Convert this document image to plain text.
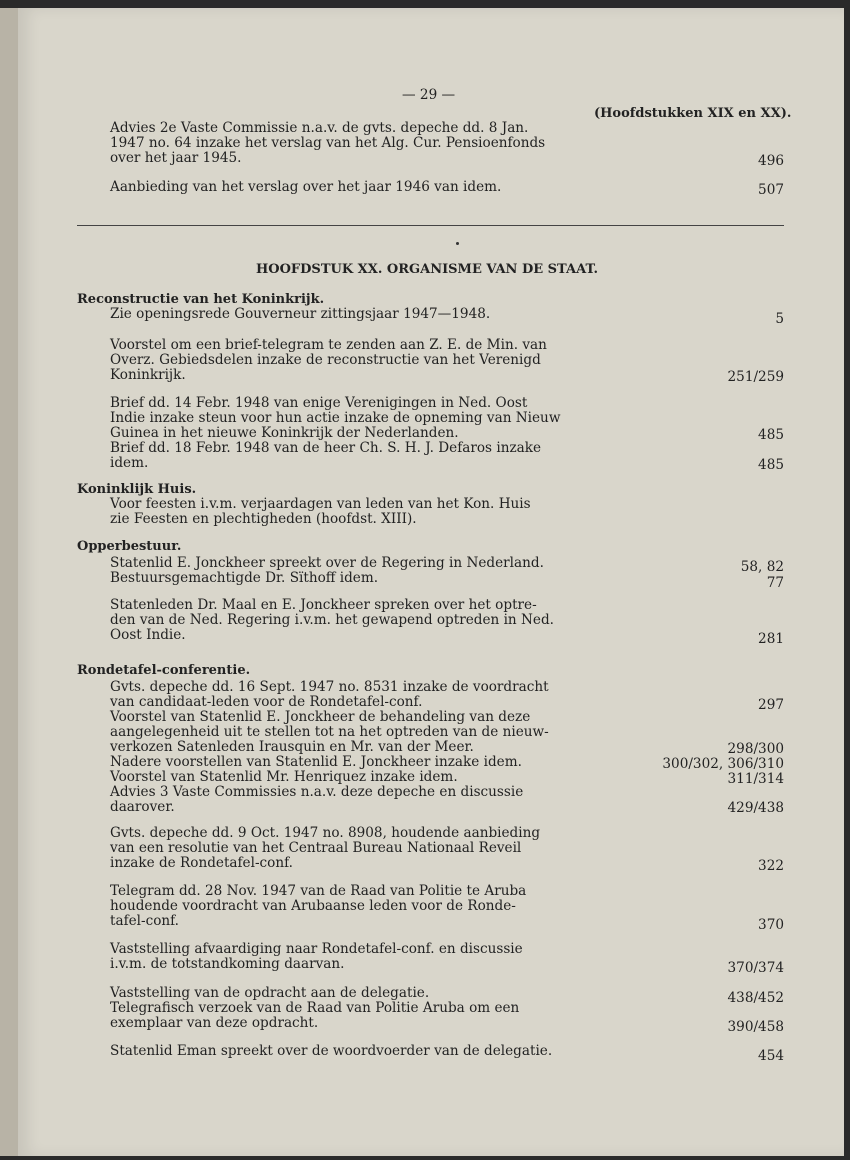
— 29 —
(Hoofdstukken XIX en XX).
Advies 2e Vaste Commissie n.a.v. de gvts. depeche dd. 8 Jan.
1947 no. 64 inzake het verslag van het Alg. Cur. Pensioenfonds
over het jaar 1945.	496
Aanbieding van het verslag over het jaar 1946 van idem.	507
HOOFDSTUK XX. ORGANISME VAN DE STAAT.
Reconstructie van het Koninkrijk.
Zie openingsrede Gouverneur zittingsjaar 1947—1948.	5
Voorstel om een brief-telegram te zenden aan Z. E. de Min. van
Overz. Gebiedsdelen inzake de reconstructie van het Verenigd
Koninkrijk.	251/259
Brief dd. 14 Febr. 1948 van enige Verenigingen in Ned. Oost
Indie inzake steun voor hun actie inzake de opneming van Nieuw
Guinea in het nieuwe Koninkrijk der Nederlanden.	485
Brief dd. 18 Febr. 1948 van de heer Ch. S. H. J. Defaros inzake
idem.	485
Koninklijk Huis.
Voor feesten i.v.m. verjaardagen van leden van het Kon. Huis
zie Feesten en plechtigheden (hoofdst. XIII).
Opperbestuur.
Statenlid E. Jonckheer spreekt over de Regering in Nederland.	58, 82
Bestuursgemachtigde Dr. Sïthoff idem.	77
Statenleden Dr. Maal en E. Jonckheer spreken over het optre-
den van de Ned. Regering i.v.m. het gewapend optreden in Ned.
Oost Indie.	281
Rondetafel-conferentie.
Gvts. depeche dd. 16 Sept. 1947 no. 8531 inzake de voordracht
van candidaat-leden voor de Rondetafel-conf.	297
Voorstel van Statenlid E. Jonckheer de behandeling van deze
aangelegenheid uit te stellen tot na het optreden van de nieuw-
verkozen Satenleden Irausquin en Mr. van der Meer.	298/300
Nadere voorstellen van Statenlid E. Jonckheer inzake idem.	300/302, 306/310
Voorstel van Statenlid Mr. Henriquez inzake idem.	311/314
Advies 3 Vaste Commissies n.a.v. deze depeche en discussie
daarover.	429/438
Gvts. depeche dd. 9 Oct. 1947 no. 8908, houdende aanbieding
van een resolutie van het Centraal Bureau Nationaal Reveil
inzake de Rondetafel-conf.	322
Telegram dd. 28 Nov. 1947 van de Raad van Politie te Aruba
houdende voordracht van Arubaanse leden voor de Ronde-
tafel-conf.	370
Vaststelling afvaardiging naar Rondetafel-conf. en discussie
i.v.m. de totstandkoming daarvan.	370/374
Vaststelling van de opdracht aan de delegatie.	438/452
Telegrafisch verzoek van de Raad van Politie Aruba om een
exemplaar van deze opdracht.	390/458
Statenlid Eman spreekt over de woordvoerder van de delegatie.	454
